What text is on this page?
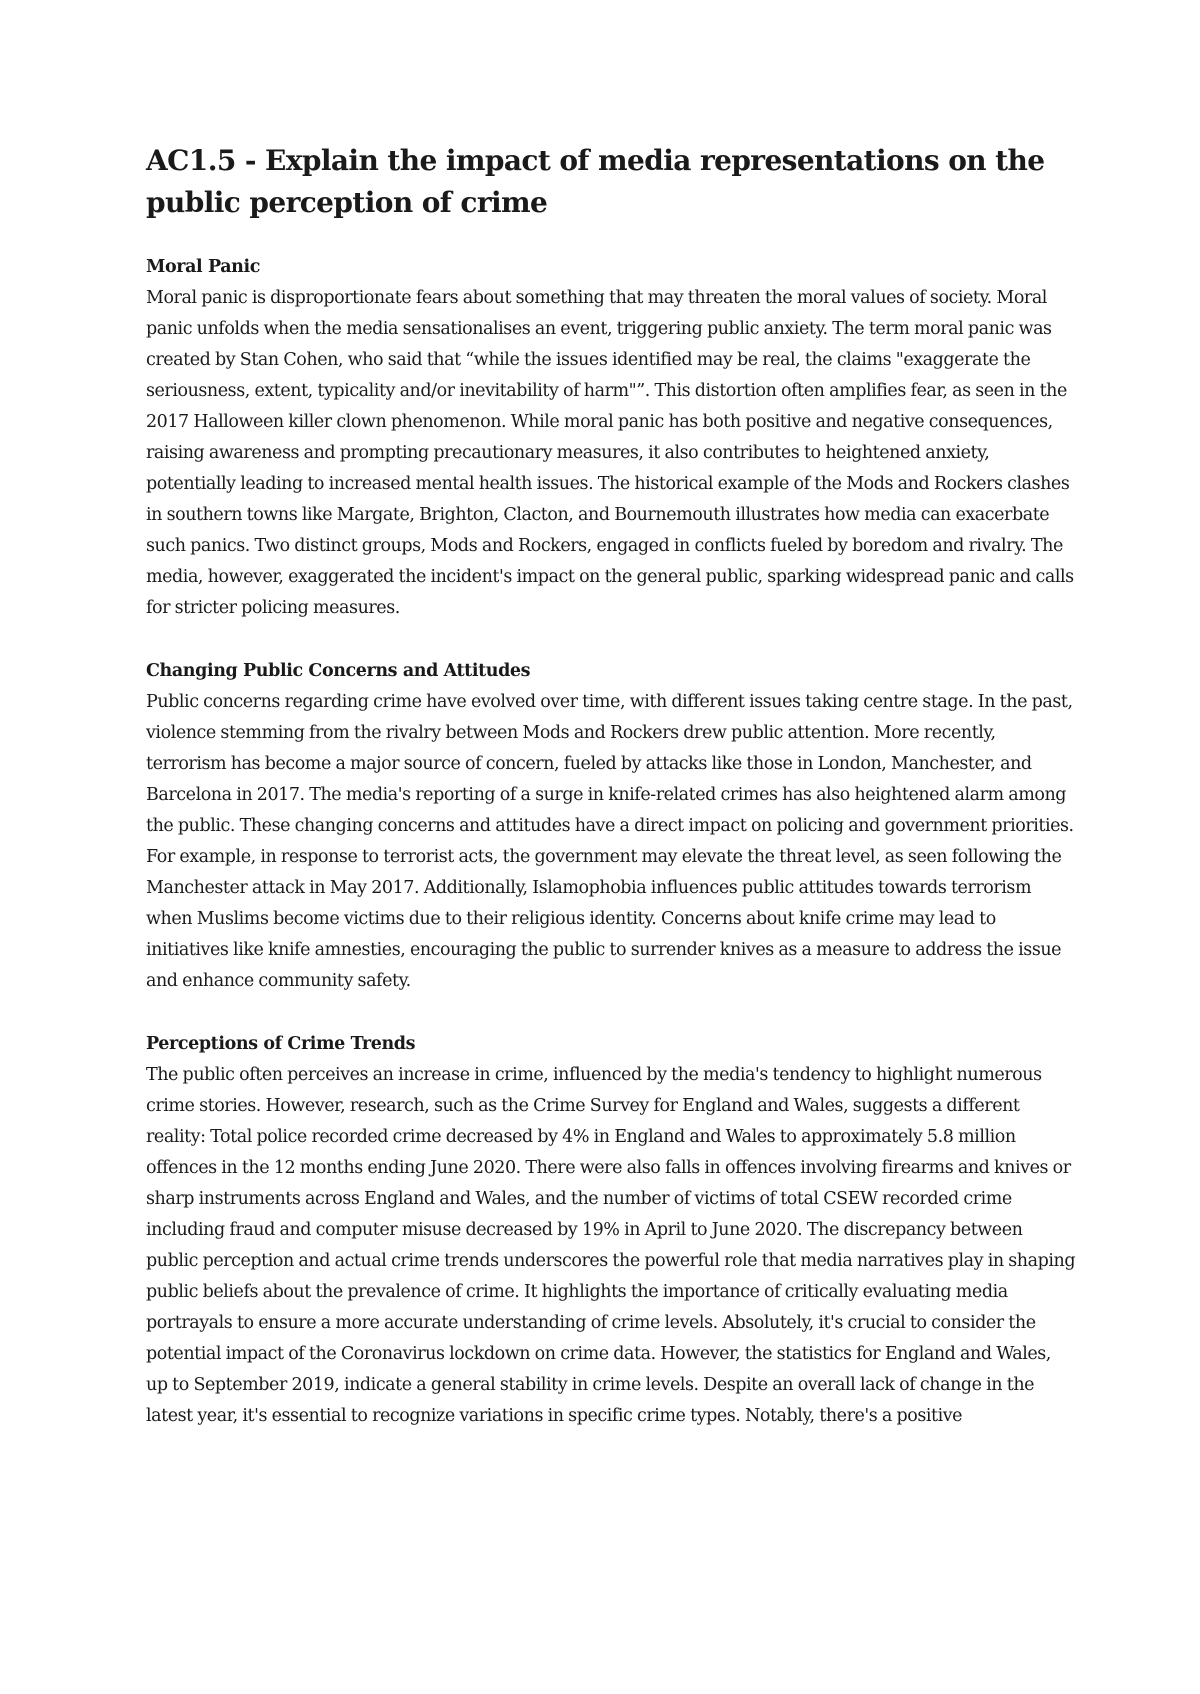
AC1.5 - Explain the impact of media representations on the public perception of crime

Moral Panic

Moral panic is disproportionate fears about something that may threaten the moral values of society. Moral panic unfolds when the media sensationalises an event, triggering public anxiety. The term moral panic was created by Stan Cohen, who said that “while the issues identified may be real, the claims "exaggerate the seriousness, extent, typicality and/or inevitability of harm"”. This distortion often amplifies fear, as seen in the 2017 Halloween killer clown phenomenon. While moral panic has both positive and negative consequences, raising awareness and prompting precautionary measures, it also contributes to heightened anxiety, potentially leading to increased mental health issues. The historical example of the Mods and Rockers clashes in southern towns like Margate, Brighton, Clacton, and Bournemouth illustrates how media can exacerbate such panics. Two distinct groups, Mods and Rockers, engaged in conflicts fueled by boredom and rivalry. The media, however, exaggerated the incident's impact on the general public, sparking widespread panic and calls for stricter policing measures.

Changing Public Concerns and Attitudes

Public concerns regarding crime have evolved over time, with different issues taking centre stage. In the past, violence stemming from the rivalry between Mods and Rockers drew public attention. More recently, terrorism has become a major source of concern, fueled by attacks like those in London, Manchester, and Barcelona in 2017. The media's reporting of a surge in knife-related crimes has also heightened alarm among the public. These changing concerns and attitudes have a direct impact on policing and government priorities. For example, in response to terrorist acts, the government may elevate the threat level, as seen following the Manchester attack in May 2017. Additionally, Islamophobia influences public attitudes towards terrorism when Muslims become victims due to their religious identity. Concerns about knife crime may lead to initiatives like knife amnesties, encouraging the public to surrender knives as a measure to address the issue and enhance community safety.

Perceptions of Crime Trends

The public often perceives an increase in crime, influenced by the media's tendency to highlight numerous crime stories. However, research, such as the Crime Survey for England and Wales, suggests a different reality: Total police recorded crime decreased by 4% in England and Wales to approximately 5.8 million offences in the 12 months ending June 2020. There were also falls in offences involving firearms and knives or sharp instruments across England and Wales, and the number of victims of total CSEW recorded crime including fraud and computer misuse decreased by 19% in April to June 2020. The discrepancy between public perception and actual crime trends underscores the powerful role that media narratives play in shaping public beliefs about the prevalence of crime. It highlights the importance of critically evaluating media portrayals to ensure a more accurate understanding of crime levels. Absolutely, it's crucial to consider the potential impact of the Coronavirus lockdown on crime data. However, the statistics for England and Wales, up to September 2019, indicate a general stability in crime levels. Despite an overall lack of change in the latest year, it's essential to recognize variations in specific crime types. Notably, there's a positive
